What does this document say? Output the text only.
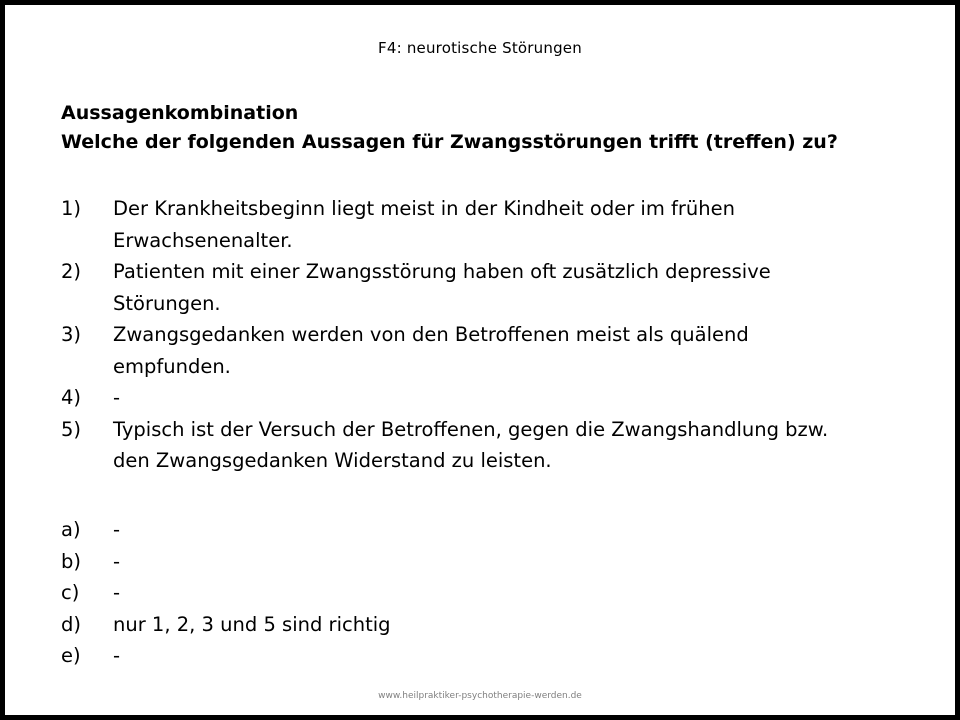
F4: neurotische Störungen
Aussagenkombination
Welche der folgenden Aussagen für Zwangsstörungen trifft (treffen) zu?
1) Der Krankheitsbeginn liegt meist in der Kindheit oder im frühen
Erwachsenenalter.
2) Patienten mit einer Zwangsstörung haben oft zusätzlich depressive
Störungen.
3) Zwangsgedanken werden von den Betroffenen meist als quälend
empfunden.
4) -
5) Typisch ist der Versuch der Betroffenen, gegen die Zwangshandlung bzw.
den Zwangsgedanken Widerstand zu leisten.
a) -
b) -
c) -
d) nur 1, 2, 3 und 5 sind richtig
e) -
www.heilpraktiker-psychotherapie-werden.de
